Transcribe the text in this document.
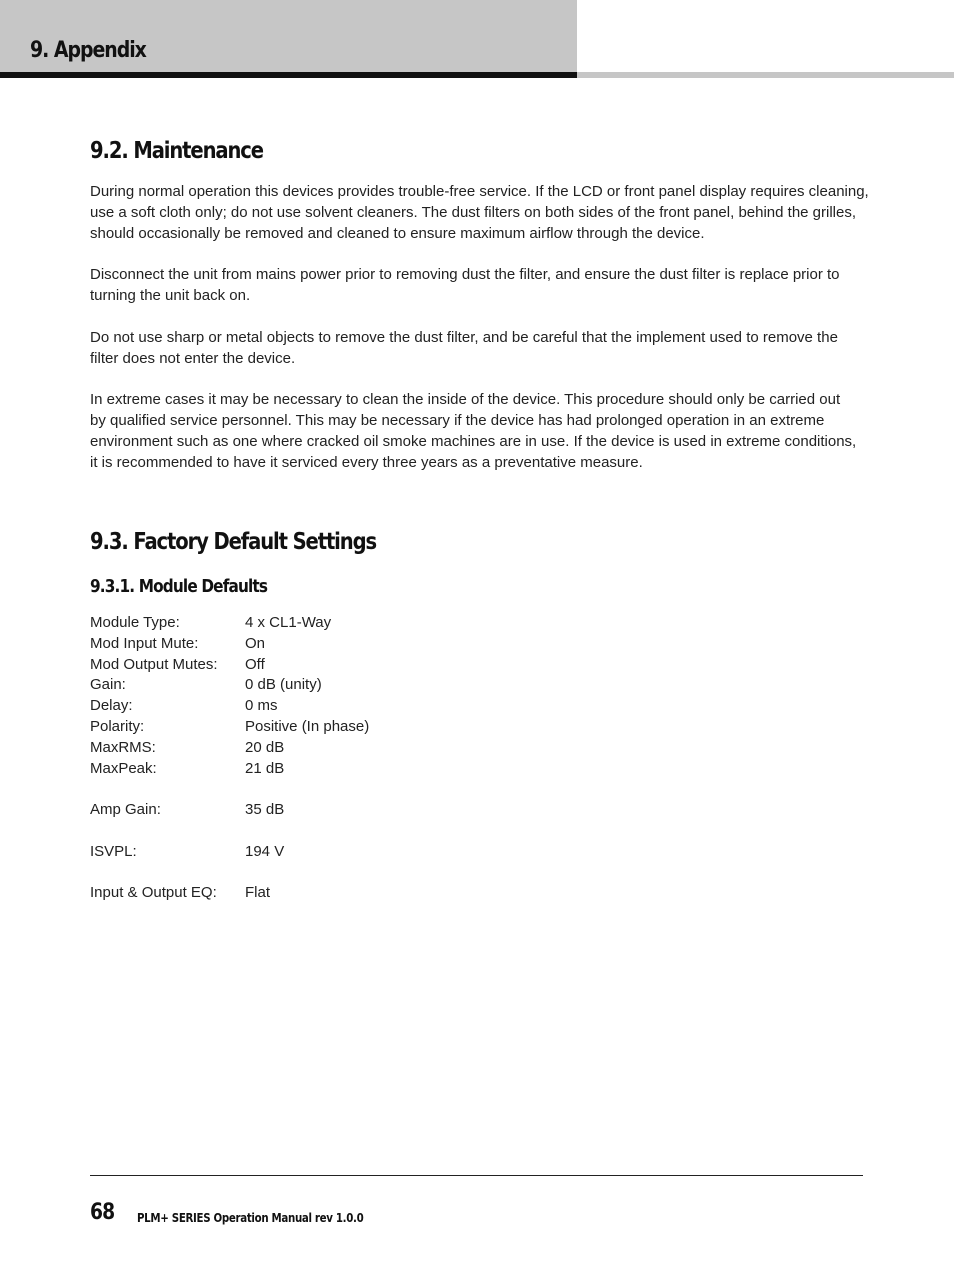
9. Appendix
9.2. Maintenance

During normal operation this devices provides trouble-free service. If the LCD or front panel display requires cleaning, use a soft cloth only; do not use solvent cleaners. The dust filters on both sides of the front panel, behind the grilles, should occasionally be removed and cleaned to ensure maximum airflow through the device.

Disconnect the unit from mains power prior to removing dust the filter, and ensure the dust filter is replace prior to turning the unit back on.

Do not use sharp or metal objects to remove the dust filter, and be careful that the implement used to remove the filter does not enter the device.

In extreme cases it may be necessary to clean the inside of the device. This procedure should only be carried out by qualified service personnel. This may be necessary if the device has had prolonged operation in an extreme environment such as one where cracked oil smoke machines are in use. If the device is used in extreme conditions, it is recommended to have it serviced every three years as a preventative measure.

9.3. Factory Default Settings
9.3.1. Module Defaults
Module Type:	4 x CL1-Way
Mod Input Mute:	On
Mod Output Mutes: Off
Gain:	0 dB (unity)
Delay:	0 ms
Polarity:	Positive (In phase)
MaxRMS:	20 dB
MaxPeak:	21 dB
Amp Gain:	35 dB
ISVPL:	194 V
Input & Output EQ: Flat

68 PLM+ SERIES Operation Manual rev 1.0.0
